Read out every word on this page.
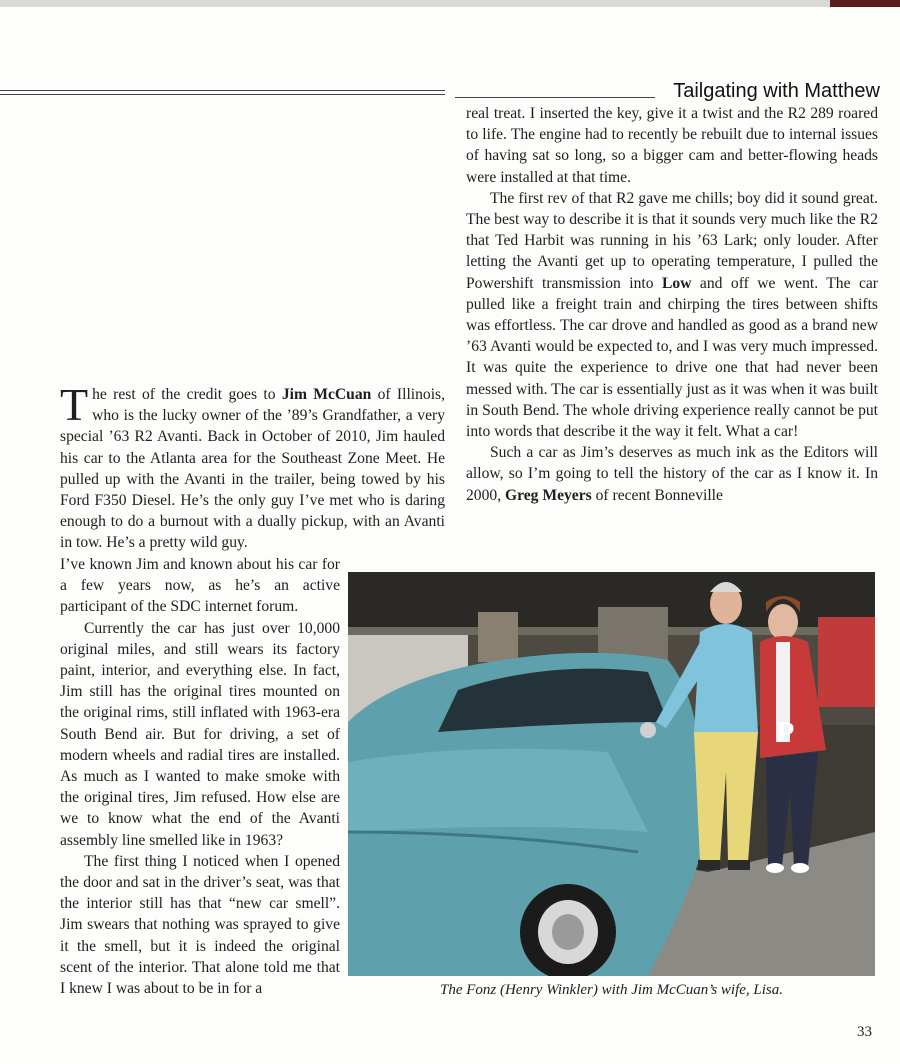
Tailgating with Matthew

real treat. I inserted the key, give it a twist and the R2 289 roared to life. The engine had to recently be rebuilt due to internal issues of having sat so long, so a bigger cam and better-flowing heads were installed at that time.

The first rev of that R2 gave me chills; boy did it sound great. The best way to describe it is that it sounds very much like the R2 that Ted Harbit was running in his ’63 Lark; only louder. After letting the Avanti get up to operating temperature, I pulled the Powershift transmission into Low and off we went. The car pulled like a freight train and chirping the tires between shifts was effortless. The car drove and handled as good as a brand new ’63 Avanti would be expected to, and I was very much impressed. It was quite the experience to drive one that had never been messed with. The car is essentially just as it was when it was built in South Bend. The whole driving experience really cannot be put into words that describe it the way it felt. What a car!

Such a car as Jim’s deserves as much ink as the Editors will allow, so I’m going to tell the history of the car as I know it. In 2000, Greg Meyers of recent Bonneville

The rest of the credit goes to Jim McCuan of Illinois, who is the lucky owner of the ’89’s Grandfather, a very special ’63 R2 Avanti. Back in October of 2010, Jim hauled his car to the Atlanta area for the Southeast Zone Meet. He pulled up with the Avanti in the trailer, being towed by his Ford F350 Diesel. He’s the only guy I’ve met who is daring enough to do a burnout with a dually pickup, with an Avanti in tow. He’s a pretty wild guy.

I’ve known Jim and known about his car for a few years now, as he’s an active participant of the SDC internet forum.

Currently the car has just over 10,000 original miles, and still wears its factory paint, interior, and everything else. In fact, Jim still has the original tires mounted on the original rims, still inflated with 1963-era South Bend air. But for driving, a set of modern wheels and radial tires are installed. As much as I wanted to make smoke with the original tires, Jim refused. How else are we to know what the end of the Avanti assembly line smelled like in 1963?

The first thing I noticed when I opened the door and sat in the driver’s seat, was that the interior still has that “new car smell”. Jim swears that nothing was sprayed to give it the smell, but it is indeed the original scent of the interior. That alone told me that I knew I was about to be in for a

P
The Fonz (Henry Winkler) with Jim McCuan’s wife, Lisa.
33
